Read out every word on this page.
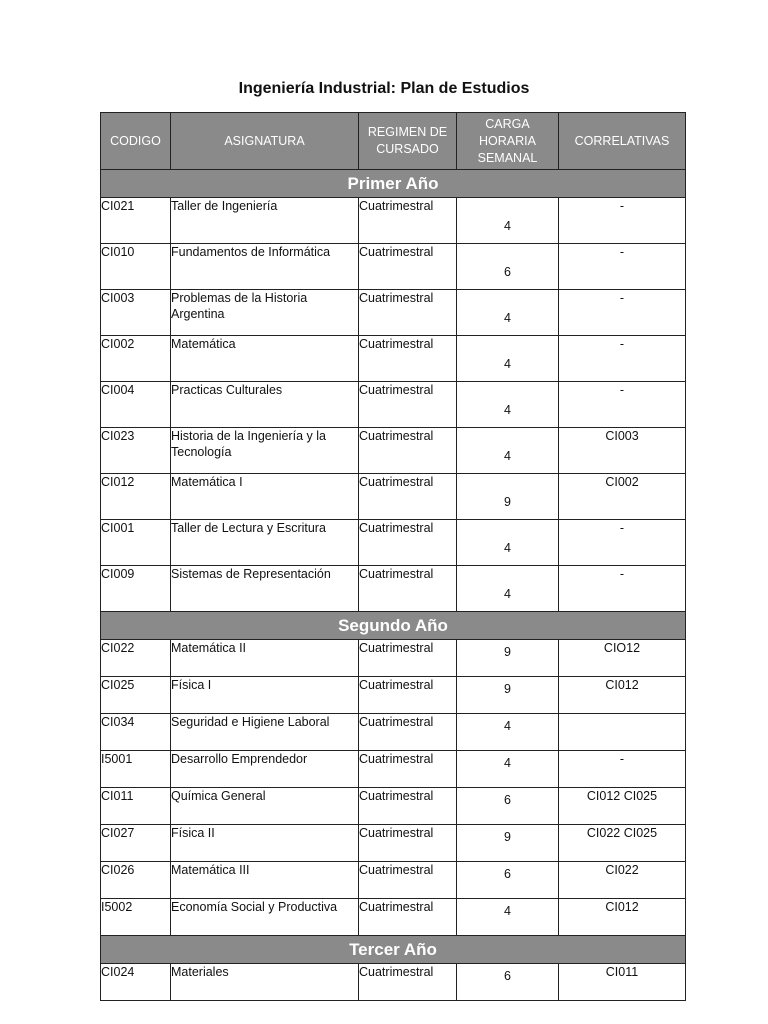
Ingeniería Industrial: Plan de Estudios
CODIGO	ASIGNATURA	REGIMEN DE CURSADO	CARGA HORARIA SEMANAL	CORRELATIVAS
Primer Año				
CI021	Taller de Ingeniería	Cuatrimestral	4	-
CI010	Fundamentos de Informática	Cuatrimestral	6	-
CI003	Problemas de la Historia Argentina	Cuatrimestral	4	-
CI002	Matemática	Cuatrimestral	4	-
CI004	Practicas Culturales	Cuatrimestral	4	-
CI023	Historia de la Ingeniería y la Tecnología	Cuatrimestral	4	CI003
CI012	Matemática I	Cuatrimestral	9	CI002
CI001	Taller de Lectura y Escritura	Cuatrimestral	4	-
CI009	Sistemas de Representación	Cuatrimestral	4	-
Segundo Año				
CI022	Matemática II	Cuatrimestral	9	CIO12
CI025	Física I	Cuatrimestral	9	CI012
CI034	Seguridad e Higiene Laboral	Cuatrimestral	4	
I5001	Desarrollo Emprendedor	Cuatrimestral	4	-
CI011	Química General	Cuatrimestral	6	CI012 CI025
CI027	Física II	Cuatrimestral	9	CI022 CI025
CI026	Matemática III	Cuatrimestral	6	CI022
I5002	Economía Social y Productiva	Cuatrimestral	4	CI012
Tercer Año				
CI024	Materiales	Cuatrimestral	6	CI011
